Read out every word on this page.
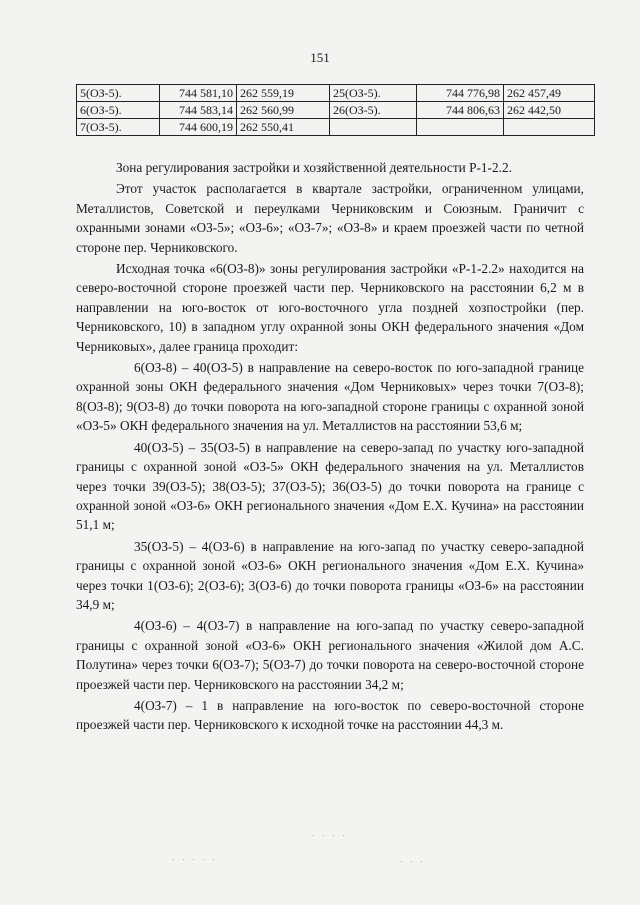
151
5(ОЗ-5).	744 581,10	262 559,19	25(ОЗ-5).	744 776,98	262 457,49
6(ОЗ-5).	744 583,14	262 560,99	26(ОЗ-5).	744 806,63	262 442,50
7(ОЗ-5).	744 600,19	262 550,41			

Зона регулирования застройки и хозяйственной деятельности Р-1-2.2.

Этот участок располагается в квартале застройки, ограниченном улицами, Металлистов, Советской и переулками Черниковским и Союзным. Граничит с охранными зонами «ОЗ-5»; «ОЗ-6»; «ОЗ-7»; «ОЗ-8» и краем проезжей части по четной стороне пер. Черниковского.

Исходная точка «6(ОЗ-8)» зоны регулирования застройки «Р-1-2.2» находится на северо-восточной стороне проезжей части пер. Черниковского на расстоянии 6,2 м в направлении на юго-восток от юго-восточного угла поздней хозпостройки (пер. Черниковского, 10) в западном углу охранной зоны ОКН федерального значения «Дом Черниковых», далее граница проходит:

6(ОЗ-8) – 40(ОЗ-5) в направление на северо-восток по юго-западной границе охранной зоны ОКН федерального значения «Дом Черниковых» через точки 7(ОЗ-8); 8(ОЗ-8); 9(ОЗ-8) до точки поворота на юго-западной стороне границы с охранной зоной «ОЗ-5» ОКН федерального значения на ул. Металлистов на расстоянии 53,6 м;

40(ОЗ-5) – 35(ОЗ-5) в направление на северо-запад по участку юго-западной границы с охранной зоной «ОЗ-5» ОКН федерального значения на ул. Металлистов через точки 39(ОЗ-5); 38(ОЗ-5); 37(ОЗ-5); 36(ОЗ-5) до точки поворота на границе с охранной зоной «ОЗ-6» ОКН регионального значения «Дом Е.Х. Кучина» на расстоянии 51,1 м;

35(ОЗ-5) – 4(ОЗ-6) в направление на юго-запад по участку северо-западной границы с охранной зоной «ОЗ-6» ОКН регионального значения «Дом Е.Х. Кучина» через точки 1(ОЗ-6); 2(ОЗ-6); 3(ОЗ-6) до точки поворота границы «ОЗ-6» на расстоянии 34,9 м;

4(ОЗ-6) – 4(ОЗ-7) в направление на юго-запад по участку северо-западной границы с охранной зоной «ОЗ-6» ОКН регионального значения «Жилой дом А.С. Полутина» через точки 6(ОЗ-7); 5(ОЗ-7) до точки поворота на северо-восточной стороне проезжей части пер. Черниковского на расстоянии 34,2 м;

4(ОЗ-7) – 1 в направление на юго-восток по северо-восточной стороне проезжей части пер. Черниковского к исходной точке на расстоянии 44,3 м.

· · · ·
· · · · ·	· · ·
